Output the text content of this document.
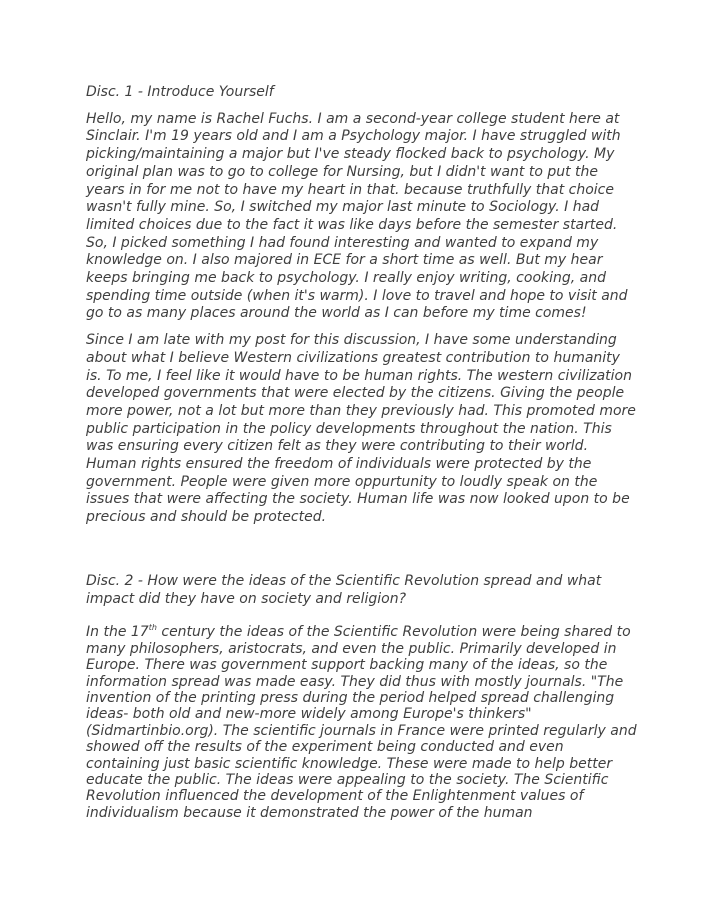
Disc. 1 - Introduce Yourself

Hello, my name is Rachel Fuchs. I am a second-year college student here at Sinclair. I'm 19 years old and I am a Psychology major. I have struggled with picking/maintaining a major but I've steady flocked back to psychology. My original plan was to go to college for Nursing, but I didn't want to put the years in for me not to have my heart in that. because truthfully that choice wasn't fully mine. So, I switched my major last minute to Sociology. I had limited choices due to the fact it was like days before the semester started. So, I picked something I had found interesting and wanted to expand my knowledge on. I also majored in ECE for a short time as well. But my hear keeps bringing me back to psychology. I really enjoy writing, cooking, and spending time outside (when it's warm). I love to travel and hope to visit and go to as many places around the world as I can before my time comes!

Since I am late with my post for this discussion, I have some understanding about what I believe Western civilizations greatest contribution to humanity is. To me, I feel like it would have to be human rights. The western civilization developed governments that were elected by the citizens. Giving the people more power, not a lot but more than they previously had. This promoted more public participation in the policy developments throughout the nation. This was ensuring every citizen felt as they were contributing to their world. Human rights ensured the freedom of individuals were protected by the government. People were given more oppurtunity to loudly speak on the issues that were affecting the society. Human life was now looked upon to be precious and should be protected.

Disc. 2 - How were the ideas of the Scientific Revolution spread and what impact did they have on society and religion?

In the 17th century the ideas of the Scientific Revolution were being shared to many philosophers, aristocrats, and even the public. Primarily developed in Europe. There was government support backing many of the ideas, so the information spread was made easy. They did thus with mostly journals. "The invention of the printing press during the period helped spread challenging ideas- both old and new-more widely among Europe's thinkers" (Sidmartinbio.org). The scientific journals in France were printed regularly and showed off the results of the experiment being conducted and even containing just basic scientific knowledge. These were made to help better educate the public. The ideas were appealing to the society. The Scientific Revolution influenced the development of the Enlightenment values of individualism because it demonstrated the power of the human
